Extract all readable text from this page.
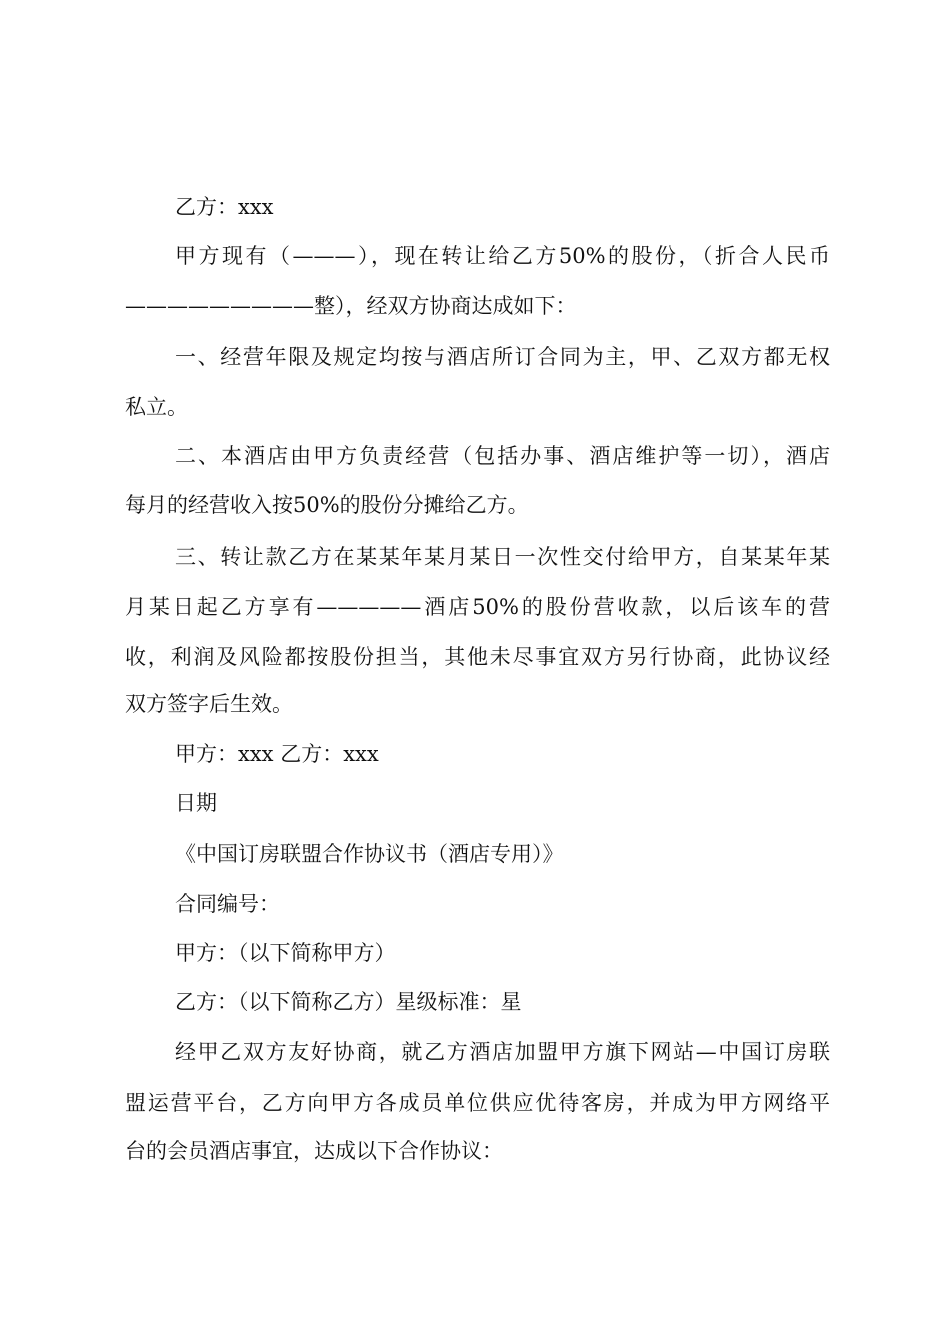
乙方：xxx
甲方现有（———），现在转让给乙方50%的股份，（折合人民币
—————————整），经双方协商达成如下：
一、经营年限及规定均按与酒店所订合同为主，甲、乙双方都无权
私立。
二、本酒店由甲方负责经营（包括办事、酒店维护等一切），酒店
每月的经营收入按50%的股份分摊给乙方。
三、转让款乙方在某某年某月某日一次性交付给甲方，自某某年某
月某日起乙方享有—————酒店50%的股份营收款，以后该车的营
收，利润及风险都按股份担当，其他未尽事宜双方另行协商，此协议经
双方签字后生效。
甲方：xxx 乙方：xxx
日期
《中国订房联盟合作协议书（酒店专用）》
合同编号：
甲方：（以下简称甲方）
乙方：（以下简称乙方）星级标准：星
经甲乙双方友好协商，就乙方酒店加盟甲方旗下网站—中国订房联
盟运营平台，乙方向甲方各成员单位供应优待客房，并成为甲方网络平
台的会员酒店事宜，达成以下合作协议：
